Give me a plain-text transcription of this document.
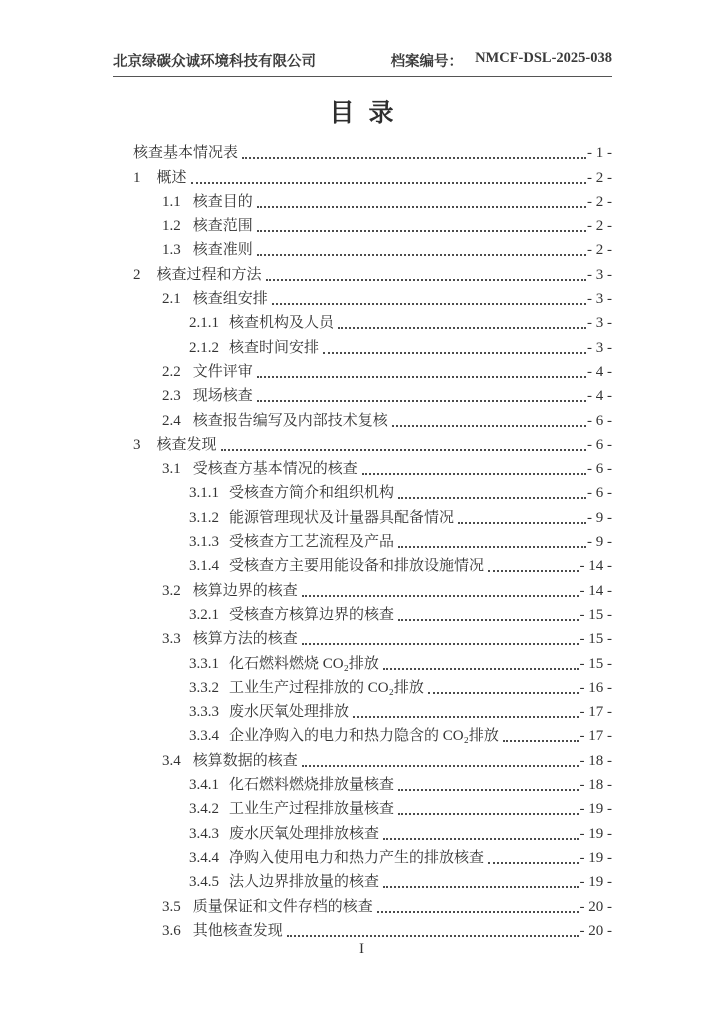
北京绿碳众诚环境科技有限公司	档案编号： NMCF-DSL-2025-038
目录
核查基本情况表	- 1 -
1 概述	- 2 -
1.1 核查目的	- 2 -
1.2 核查范围	- 2 -
1.3 核查准则	- 2 -
2 核查过程和方法	- 3 -
2.1 核查组安排	- 3 -
2.1.1 核查机构及人员	- 3 -
2.1.2 核查时间安排	- 3 -
2.2 文件评审	- 4 -
2.3 现场核查	- 4 -
2.4 核查报告编写及内部技术复核	- 6 -
3 核查发现	- 6 -
3.1 受核查方基本情况的核查	- 6 -
3.1.1 受核查方简介和组织机构	- 6 -
3.1.2 能源管理现状及计量器具配备情况	- 9 -
3.1.3 受核查方工艺流程及产品	- 9 -
3.1.4 受核查方主要用能设备和排放设施情况	- 14 -
3.2 核算边界的核查	- 14 -
3.2.1 受核查方核算边界的核查	- 15 -
3.3 核算方法的核查	- 15 -
3.3.1 化石燃料燃烧 CO₂排放	- 15 -
3.3.2 工业生产过程排放的 CO₂排放	- 16 -
3.3.3 废水厌氧处理排放	- 17 -
3.3.4 企业净购入的电力和热力隐含的 CO₂排放	- 17 -
3.4 核算数据的核查	- 18 -
3.4.1 化石燃料燃烧排放量核查	- 18 -
3.4.2 工业生产过程排放量核查	- 19 -
3.4.3 废水厌氧处理排放核查	- 19 -
3.4.4 净购入使用电力和热力产生的排放核查	- 19 -
3.4.5 法人边界排放量的核查	- 19 -
3.5 质量保证和文件存档的核查	- 20 -
3.6 其他核查发现	- 20 -
I
